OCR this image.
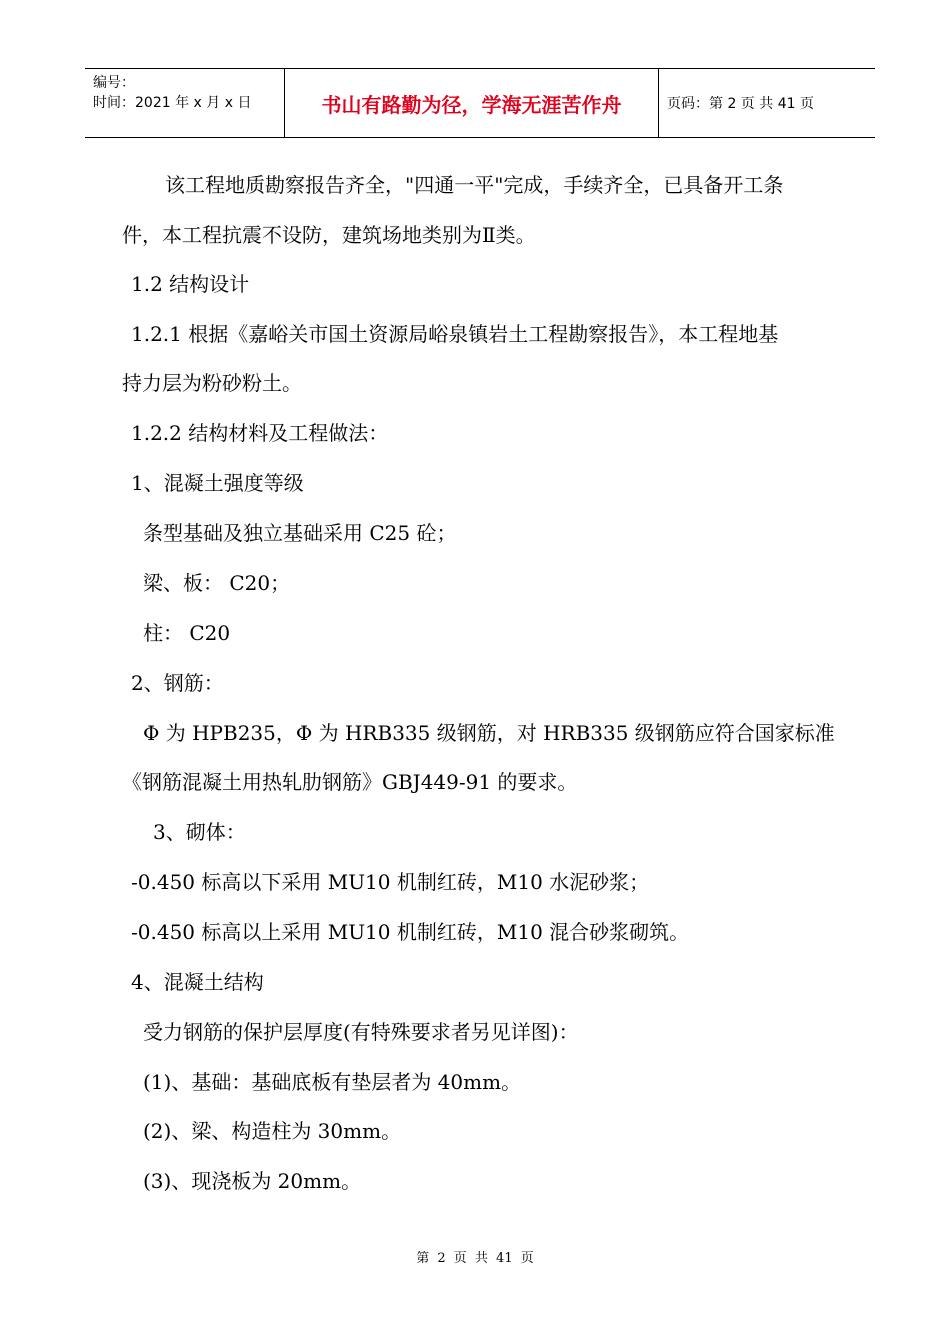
编号：
时间：2021 年 x 月 x 日	书山有路勤为径，学海无涯苦作舟	页码：第 2 页 共 41 页
该工程地质勘察报告齐全，"四通一平"完成，手续齐全，已具备开工条
件，本工程抗震不设防，建筑场地类别为Ⅱ类。
1.2 结构设计
1.2.1 根据《嘉峪关市国土资源局峪泉镇岩土工程勘察报告》，本工程地基
持力层为粉砂粉土。
1.2.2 结构材料及工程做法：
1、混凝土强度等级
条型基础及独立基础采用 C25 砼；
梁、板： C20；
柱： C20
2、钢筋：
Φ 为 HPB235，Φ 为 HRB335 级钢筋，对 HRB335 级钢筋应符合国家标准
《钢筋混凝土用热轧肋钢筋》GBJ449-91 的要求。
3、砌体：
-0.450 标高以下采用 MU10 机制红砖，M10 水泥砂浆；
-0.450 标高以上采用 MU10 机制红砖，M10 混合砂浆砌筑。
4、混凝土结构
受力钢筋的保护层厚度(有特殊要求者另见详图)：
(1)、基础：基础底板有垫层者为 40mm。
(2)、梁、构造柱为 30mm。
(3)、现浇板为 20mm。
第 2 页 共 41 页
